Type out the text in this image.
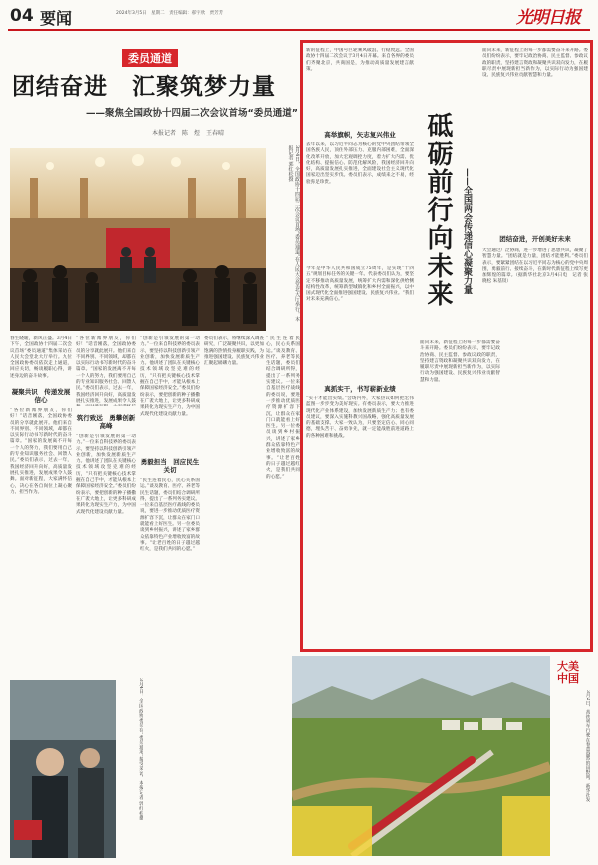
04 要闻	2024年3月5日　星期二　责任编辑：郝宇欣　贾芳芳	光明日报
委员通道
团结奋进　汇聚筑梦力量
——聚焦全国政协十四届二次会议首场“委员通道”
本报记者　陈　煜　王春晴
3月4日，全国政协十四届二次会议首场“委员通道”在人民大会堂北大厅举行。本报记者 郭红松摄
春生晓暖，新风正盛。3月4日下午，全国政协十四届二次会议首场“委员通道”集体采访在人民大会堂北大厅举行。九位全国政协委员依次走上通道，回应关切，畅谈履职心得，讲述身边的奋斗故事。
凝聚共识　传递发展信心
“各位新闻界朋友，你们好！”话音刚落，全国政协委员的分享就此展开。他们来自不同界别、不同领域，却都在以实际行动书写新时代的奋斗篇章。“国家的发展离不开每一个人的努力，我们要用自己的专业知识服务社会、回馈人民。”委员们表示，过去一年，我国经济回升向好，高质量发展扎实推进，发展成果令人鼓舞。面对新征程，大家满怀信心，决心在各自岗位上凝心聚力、担当作为。
“各位新闻界朋友，你们好！”话音刚落，全国政协委员的分享就此展开。他们来自不同界别、不同领域，却都在以实际行动书写新时代的奋斗篇章。“国家的发展离不开每一个人的努力，我们要用自己的专业知识服务社会、回馈人民。”委员们表示，过去一年，我国经济回升向好，高质量发展扎实推进，发展成果令人鼓
筑行致远　勇攀创新高峰
“创新是引领发展的第一动力。”一位来自科技界的委员表示，要坚持以科技创新引领产业创新，加快发展新质生产力。他讲述了团队在关键核心技术领域攻坚克难的经历，“只有把关键核心技术掌握在自己手中，才能从根本上保障国家经济安全。”委员们纷纷表示，要把创新的种子播撒在广袤大地上，让更多科研成果转化为现实生产力，为中国式现代化建设贡献力量。
“创新是引领发展的第一动力。”一位来自科技界的委员表示，要坚持以科技创新引领产业创新，加快发展新质生产力。他讲述了团队在关键核心技术领域攻坚克难的经历，“只有把关键核心技术掌握在自己手中，才能从根本上保障国家经济安全。”委员们纷纷表示，要把创新的种子播撒在广袤大地上，让更多科研成果转化为现实生产力，为中国式现代化建设贡献力量。
勇毅担当　回应民生关切
“民生连着民心，民心关系国运。”谈及教育、医疗、养老等民生话题，委员们结合调研所得，提出了一系列务实建议。一位来自基层医疗战线的委员说，要进一步推动优质医疗资源扩容下沉，让群众在家门口就能看上好医生。另一位委员谈到乡村振兴，讲述了家乡群众依靠特色产业增收致富的故事。“让老百姓的日子越过越红火，是我们共同的心愿。”
委员们表示，将继续深入调查研究，广泛凝聚共识，以更加饱满的热情投身履职实践，为推进强国建设、民族复兴伟业汇聚起磅礴力量。
“民生连着民心，民心关系国运。”谈及教育、医疗、养老等民生话题，委员们结合调研所得，提出了一系列务实建议。一位来自基层医疗战线的委员说，要进一步推动优质医疗资源扩容下沉，让群众在家门口就能看上好医生。另一位委员谈到乡村振兴，讲述了家乡群众依靠特色产业增收致富的故事。“让老百姓的日子越过越红火，是我们共同的心愿。”
3月4日，全国政协委员在“委员通道”接受采访。本报记者 郭红松摄
新的征程上，中国号巨轮乘风破浪、行稳致远。全国政协十四届二次会议于3月4日开幕。来自各界的委员们齐聚北京，共商国是，为推动高质量发展建言献策。
高举旗帜，矢志复兴伟业
去年以来，以习近平同志为核心的党中央团结带领全国各族人民，顶住外部压力、克服内部困难，全面深化改革开放，加大宏观调控力度，着力扩大内需、优化结构、提振信心、防范化解风险，我国经济回升向好，高质量发展扎实推进，全面建设社会主义现代化国家迈出坚实步伐。委员们表示，成绩来之不易，经验弥足珍贵。
今年是中华人民共和国成立75周年，是实现“十四五”规划目标任务的关键一年。代表委员们认为，要坚定不移推动高质量发展，统筹扩大内需和深化供给侧结构性改革，统筹新型城镇化和乡村全面振兴，以中国式现代化全面推进强国建设、民族复兴伟业。“我们对未来充满信心。”
真抓实干，书写崭新业绩
“实干才能出实绩。”会场内外，大家热议如何把宏伟蓝图一步步变为美好现实。有委员表示，要大力推进现代化产业体系建设，加快发展新质生产力；也有委员建议，要深入实施科教兴国战略，强化高质量发展的基础支撑。大家一致认为，只要坚定信心、同心同德，埋头苦干、奋勇争先，就一定能战胜前进道路上的各种困难和挑战。
砥砺前行向未来 ——全国两会传递信心凝聚力量
面向未来，新征程上的每一步都需要奋斗来开路。委员们纷纷表示，要牢记政治协商、民主监督、参政议政的职责，坚持建言资政和凝聚共识双向发力，在履职尽责中展现新担当新作为，以实际行动为强国建设、民族复兴伟业贡献智慧和力量。
面向未来，新征程上的每一步都需要奋斗来开路。委员们纷纷表示，要牢记政治协商、民主监督、参政议政的职责，坚持建言资政和凝聚共识双向发力，在履职尽责中展现新担当新作为，以实际行动为强国建设、民族复兴伟业贡献智慧和力量。
团结奋进，开创美好未来
大会通过广泛协商，进一步增进了思想共识，凝聚了智慧力量。“团结就是力量，团结才能胜利。”委员们表示，要紧紧团结在以习近平同志为核心的党中央周围，勇毅前行、接续奋斗，在新时代新征程上续写更加辉煌的篇章。（据新华社北京3月4日电　记者 张晓松 朱基钗）
大美中国
3月2日，高铁列车行驶在春意盎然的田野间。新华社发
